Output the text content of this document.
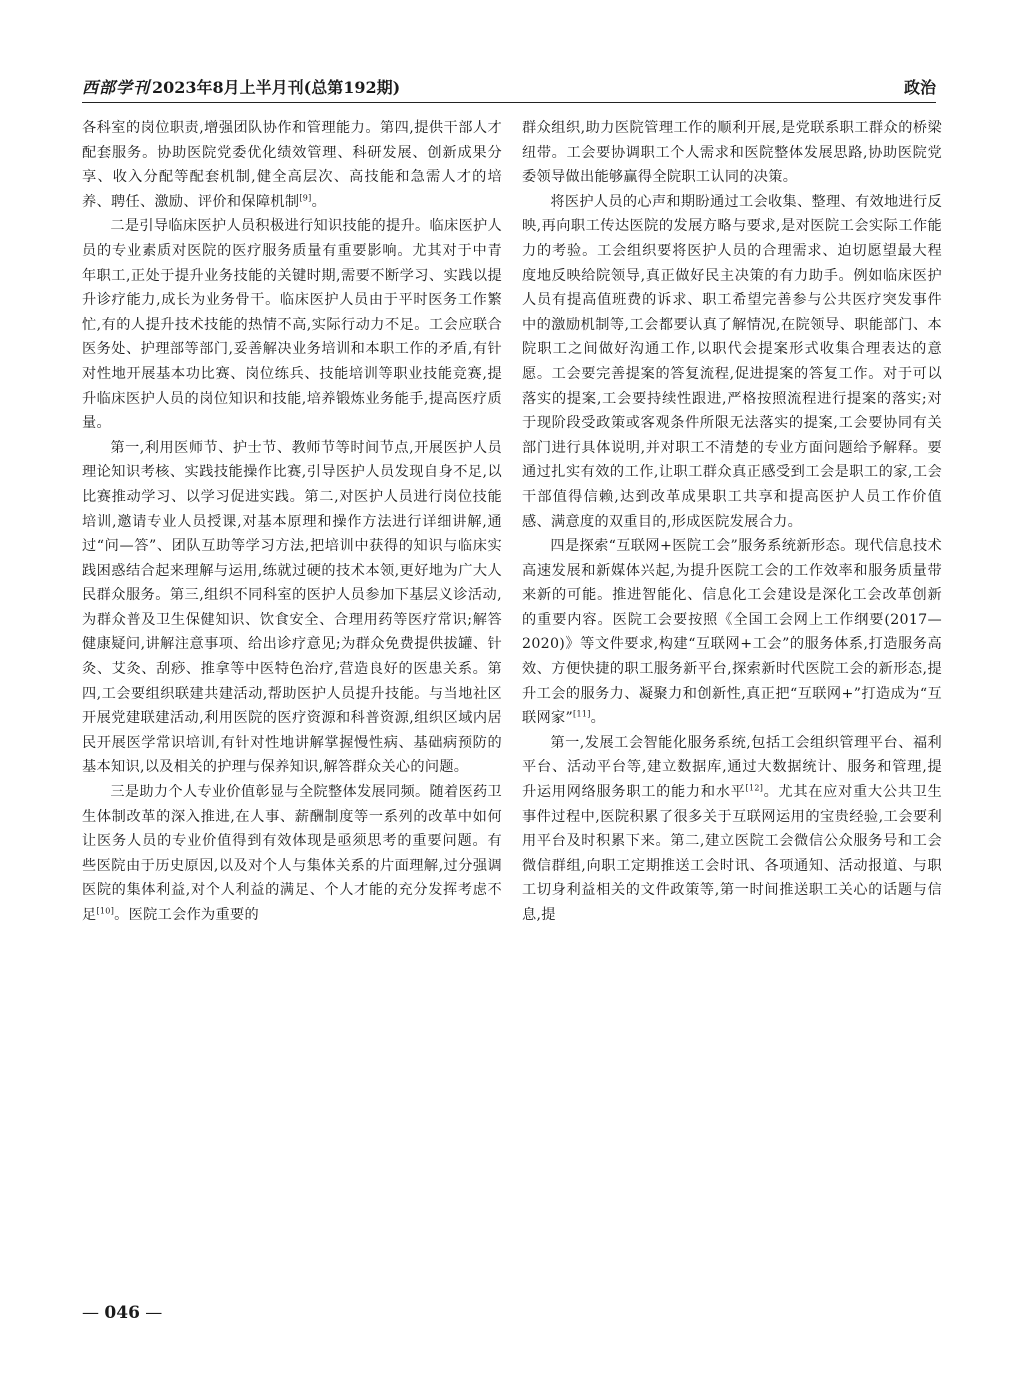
西部学刊 2023年8月上半月刊(总第192期)	政治

各科室的岗位职责,增强团队协作和管理能力。第四,提供干部人才配套服务。协助医院党委优化绩效管理、科研发展、创新成果分享、收入分配等配套机制,健全高层次、高技能和急需人才的培养、聘任、激励、评价和保障机制[9]。

二是引导临床医护人员积极进行知识技能的提升。临床医护人员的专业素质对医院的医疗服务质量有重要影响。尤其对于中青年职工,正处于提升业务技能的关键时期,需要不断学习、实践以提升诊疗能力,成长为业务骨干。临床医护人员由于平时医务工作繁忙,有的人提升技术技能的热情不高,实际行动力不足。工会应联合医务处、护理部等部门,妥善解决业务培训和本职工作的矛盾,有针对性地开展基本功比赛、岗位练兵、技能培训等职业技能竞赛,提升临床医护人员的岗位知识和技能,培养锻炼业务能手,提高医疗质量。

第一,利用医师节、护士节、教师节等时间节点,开展医护人员理论知识考核、实践技能操作比赛,引导医护人员发现自身不足,以比赛推动学习、以学习促进实践。第二,对医护人员进行岗位技能培训,邀请专业人员授课,对基本原理和操作方法进行详细讲解,通过“问—答”、团队互助等学习方法,把培训中获得的知识与临床实践困惑结合起来理解与运用,练就过硬的技术本领,更好地为广大人民群众服务。第三,组织不同科室的医护人员参加下基层义诊活动,为群众普及卫生保健知识、饮食安全、合理用药等医疗常识;解答健康疑问,讲解注意事项、给出诊疗意见;为群众免费提供拔罐、针灸、艾灸、刮痧、推拿等中医特色治疗,营造良好的医患关系。第四,工会要组织联建共建活动,帮助医护人员提升技能。与当地社区开展党建联建活动,利用医院的医疗资源和科普资源,组织区域内居民开展医学常识培训,有针对性地讲解掌握慢性病、基础病预防的基本知识,以及相关的护理与保养知识,解答群众关心的问题。

三是助力个人专业价值彰显与全院整体发展同频。随着医药卫生体制改革的深入推进,在人事、薪酬制度等一系列的改革中如何让医务人员的专业价值得到有效体现是亟须思考的重要问题。有些医院由于历史原因,以及对个人与集体关系的片面理解,过分强调医院的集体利益,对个人利益的满足、个人才能的充分发挥考虑不足[10]。医院工会作为重要的

群众组织,助力医院管理工作的顺利开展,是党联系职工群众的桥梁纽带。工会要协调职工个人需求和医院整体发展思路,协助医院党委领导做出能够赢得全院职工认同的决策。

将医护人员的心声和期盼通过工会收集、整理、有效地进行反映,再向职工传达医院的发展方略与要求,是对医院工会实际工作能力的考验。工会组织要将医护人员的合理需求、迫切愿望最大程度地反映给院领导,真正做好民主决策的有力助手。例如临床医护人员有提高值班费的诉求、职工希望完善参与公共医疗突发事件中的激励机制等,工会都要认真了解情况,在院领导、职能部门、本院职工之间做好沟通工作,以职代会提案形式收集合理表达的意愿。工会要完善提案的答复流程,促进提案的答复工作。对于可以落实的提案,工会要持续性跟进,严格按照流程进行提案的落实;对于现阶段受政策或客观条件所限无法落实的提案,工会要协同有关部门进行具体说明,并对职工不清楚的专业方面问题给予解释。要通过扎实有效的工作,让职工群众真正感受到工会是职工的家,工会干部值得信赖,达到改革成果职工共享和提高医护人员工作价值感、满意度的双重目的,形成医院发展合力。

四是探索“互联网+医院工会”服务系统新形态。现代信息技术高速发展和新媒体兴起,为提升医院工会的工作效率和服务质量带来新的可能。推进智能化、信息化工会建设是深化工会改革创新的重要内容。医院工会要按照《全国工会网上工作纲要(2017—2020)》等文件要求,构建“互联网+工会”的服务体系,打造服务高效、方便快捷的职工服务新平台,探索新时代医院工会的新形态,提升工会的服务力、凝聚力和创新性,真正把“互联网+”打造成为“互联网家”[11]。

第一,发展工会智能化服务系统,包括工会组织管理平台、福利平台、活动平台等,建立数据库,通过大数据统计、服务和管理,提升运用网络服务职工的能力和水平[12]。尤其在应对重大公共卫生事件过程中,医院积累了很多关于互联网运用的宝贵经验,工会要利用平台及时积累下来。第二,建立医院工会微信公众服务号和工会微信群组,向职工定期推送工会时讯、各项通知、活动报道、与职工切身利益相关的文件政策等,第一时间推送职工关心的话题与信息,提

— 046 —
